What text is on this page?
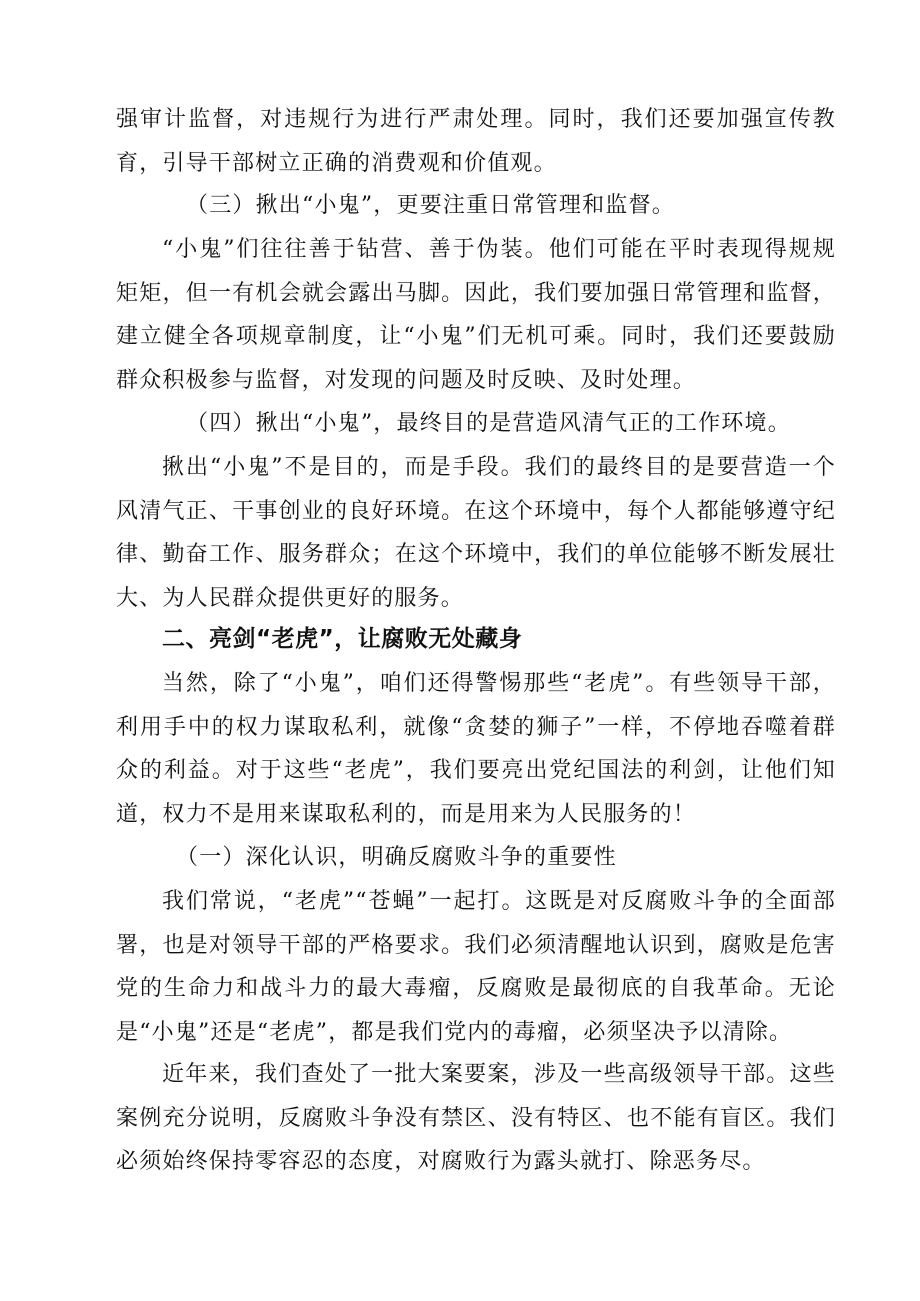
强审计监督，对违规行为进行严肃处理。同时，我们还要加强宣传教育，引导干部树立正确的消费观和价值观。

（三）揪出“小鬼”，更要注重日常管理和监督。

“小鬼”们往往善于钻营、善于伪装。他们可能在平时表现得规规矩矩，但一有机会就会露出马脚。因此，我们要加强日常管理和监督，建立健全各项规章制度，让“小鬼”们无机可乘。同时，我们还要鼓励群众积极参与监督，对发现的问题及时反映、及时处理。

（四）揪出“小鬼”，最终目的是营造风清气正的工作环境。

揪出“小鬼”不是目的，而是手段。我们的最终目的是要营造一个风清气正、干事创业的良好环境。在这个环境中，每个人都能够遵守纪律、勤奋工作、服务群众；在这个环境中，我们的单位能够不断发展壮大、为人民群众提供更好的服务。

二、亮剑“老虎”，让腐败无处藏身

当然，除了“小鬼”，咱们还得警惕那些“老虎”。有些领导干部，利用手中的权力谋取私利，就像“贪婪的狮子”一样，不停地吞噬着群众的利益。对于这些“老虎”，我们要亮出党纪国法的利剑，让他们知道，权力不是用来谋取私利的，而是用来为人民服务的！

（一）深化认识，明确反腐败斗争的重要性

我们常说，“老虎”“苍蝇”一起打。这既是对反腐败斗争的全面部署，也是对领导干部的严格要求。我们必须清醒地认识到，腐败是危害党的生命力和战斗力的最大毒瘤，反腐败是最彻底的自我革命。无论是“小鬼”还是“老虎”，都是我们党内的毒瘤，必须坚决予以清除。

近年来，我们查处了一批大案要案，涉及一些高级领导干部。这些案例充分说明，反腐败斗争没有禁区、没有特区、也不能有盲区。我们必须始终保持零容忍的态度，对腐败行为露头就打、除恶务尽。
